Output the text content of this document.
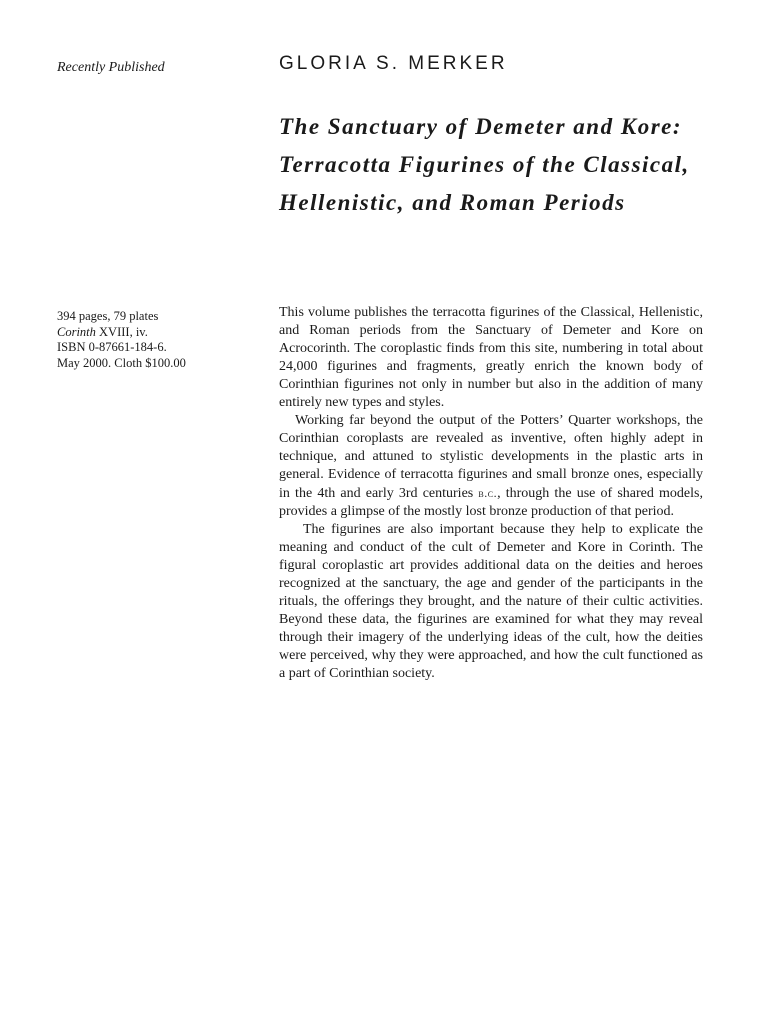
Recently Published	GLORIA S. MERKER
The Sanctuary of Demeter and Kore: Terracotta Figurines of the Classical, Hellenistic, and Roman Periods
394 pages, 79 plates
Corinth XVIII, iv.
ISBN 0-87661-184-6.
May 2000. Cloth $100.00

This volume publishes the terracotta figurines of the Classical, Hellenistic, and Roman periods from the Sanctuary of Demeter and Kore on Acrocorinth. The coroplastic finds from this site, numbering in total about 24,000 figurines and fragments, greatly enrich the known body of Corinthian figurines not only in number but also in the addition of many entirely new types and styles.

Working far beyond the output of the Potters’ Quarter workshops, the Corinthian coroplasts are revealed as inventive, often highly adept in technique, and attuned to stylistic developments in the plastic arts in general. Evidence of terracotta figurines and small bronze ones, especially in the 4th and early 3rd centuries b.c., through the use of shared models, provides a glimpse of the mostly lost bronze production of that period.

The figurines are also important because they help to explicate the meaning and conduct of the cult of Demeter and Kore in Corinth. The figural coroplastic art provides additional data on the deities and heroes recognized at the sanctuary, the age and gender of the participants in the rituals, the offerings they brought, and the nature of their cultic activities. Beyond these data, the figurines are examined for what they may reveal through their imagery of the underlying ideas of the cult, how the deities were perceived, why they were approached, and how the cult functioned as a part of Corinthian society.
